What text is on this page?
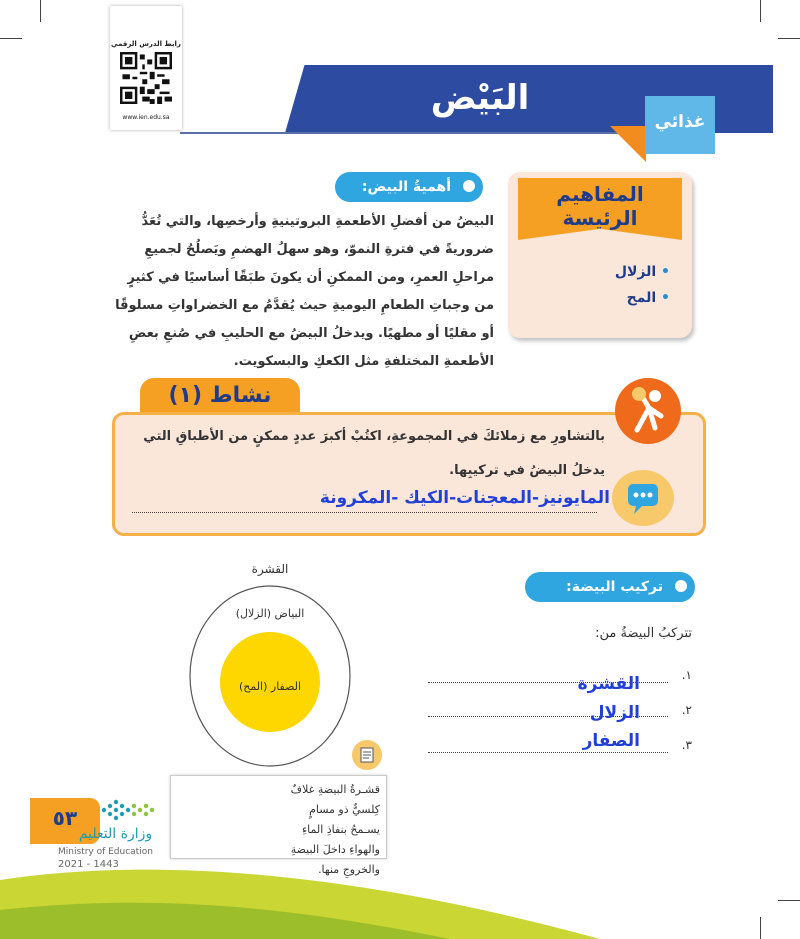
رابط الدرس الرقمي
www.ien.edu.sa	البَيْض
غذائي
المفاهيم
الرئيسة
• الزلال
• المح
أهميةُ البيض:
البيضُ من أفضلِ الأطعمةِ البروتينيةِ وأرخصِها، والتي تُعَدُّ ضروريةً في فترةِ النموّ، وهو سهلُ الهضمِ ويَصلُحُ لجميعِ مراحلِ العمرِ، ومن الممكنِ أن يكونَ طبَقًا أساسيًا في كثيرٍ من وجباتِ الطعامِ اليوميةِ حيث يُقدَّمُ مع الخضراواتِ مسلوقًا أو مقليًا أو مطهيًا. ويدخلُ البيضُ مع الحليبِ في صُنعِ بعضِ الأطعمةِ المختلفةِ مثل الكعكِ والبسكويت.
نشاط (١)
بالتشاورِ مع زملائكَ في المجموعةِ، اكتُبْ أكبرَ عددٍ ممكنٍ من الأطباقِ التي يدخلُ البيضُ في تركيبِها.
المايونيز-المعجنات-الكيك -المكرونة
القشرة
البياض (الزلال)
الصفار (المح)
تركيب البيضة:
تتركبُ البيضةُ من:
١.
القشرة
٢.
الزلال
٣.
الصفار
قشـرةُ البيضةِ غلافٌ كِلسيٌّ ذو مسامٍ يسـمحُ بنفاذِ الماءِ والهواءِ داخلَ البيضةِ والخروجِ منها.
٥٣
وزارة التعليم
Ministry of Education
2021 - 1443
